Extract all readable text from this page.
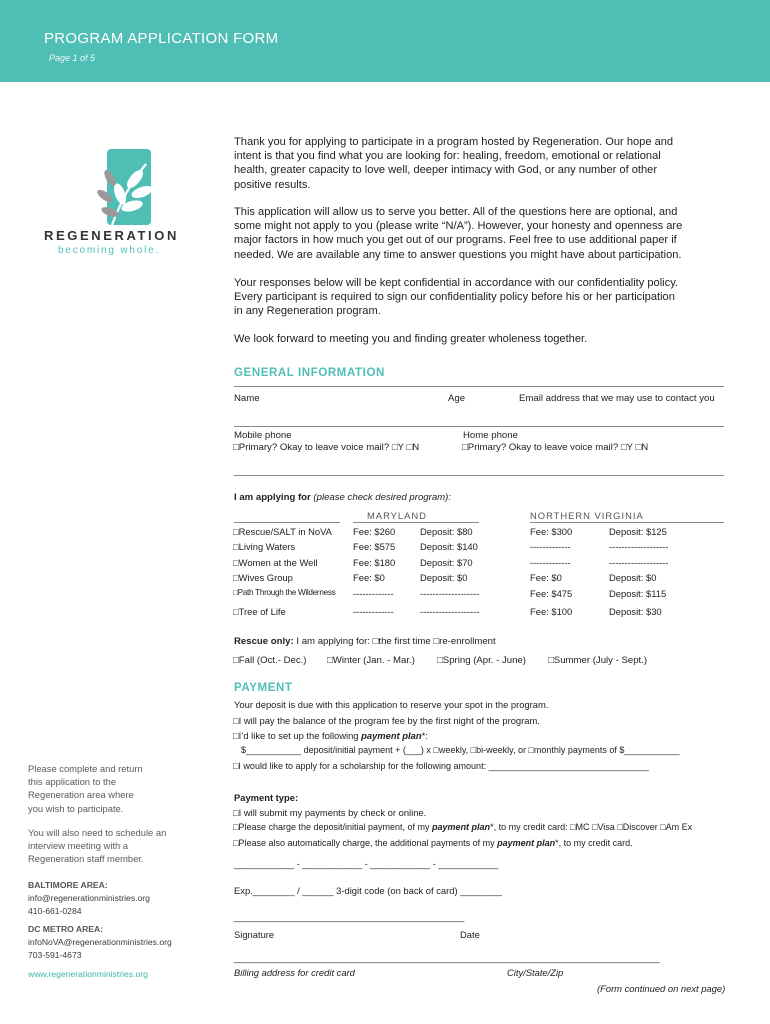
PROGRAM APPLICATION FORM
Page 1 of 5
REGENERATION
becoming whole.
Thank you for applying to participate in a program hosted by Regeneration. Our hope and
intent is that you find what you are looking for: healing, freedom, emotional or relational
health, greater capacity to love well, deeper intimacy with God, or any number of other
positive results.
This application will allow us to serve you better. All of the questions here are optional, and
some might not apply to you (please write “N/A”). However, your honesty and openness are
major factors in how much you get out of our programs. Feel free to use additional paper if
needed. We are available any time to answer questions you might have about participation.
Your responses below will be kept confidential in accordance with our confidentiality policy.
Every participant is required to sign our confidentiality policy before his or her participation
in any Regeneration program.
We look forward to meeting you and finding greater wholeness together.
GENERAL INFORMATION
Name	Age	Email address that we may use to contact you
Mobile phone
□Primary? Okay to leave voice mail? □Y □N
Home phone
□Primary? Okay to leave voice mail? □Y □N
I am applying for (please check desired program):
MARYLAND	NORTHERN VIRGINIA
□Rescue/SALT in NoVA Fee: $260	Deposit: $80	Fee: $300	Deposit: $125
□Living Waters	Fee: $575	Deposit: $140	-------------	-------------------
□Women at the Well	Fee: $180	Deposit: $70	-------------	-------------------
□Wives Group	Fee: $0	Deposit: $0	Fee: $0	Deposit: $0
□Path Through the Wilderness -------------	-------------------	Fee: $475	Deposit: $115
□Tree of Life	-------------	-------------------	Fee: $100	Deposit: $30
Rescue only: I am applying for: □the first time □re-enrollment
□Fall (Oct.- Dec.) □Winter (Jan. - Mar.) □Spring (Apr. - June) □Summer (July - Sept.)
PAYMENT
Your deposit is due with this application to reserve your spot in the program.
□I will pay the balance of the program fee by the first night of the program.
□I’d like to set up the following payment plan*:
$___________ deposit/initial payment + (___) x □weekly, □bi-weekly, or □monthly payments of $___________
□I would like to apply for a scholarship for the following amount: ________________________________
Payment type:
□I will submit my payments by check or online.
□Please charge the deposit/initial payment, of my payment plan*, to my credit card: □MC □Visa □Discover □Am Ex
□Please also automatically charge, the additional payments of my payment plan*, to my credit card.
____________ - ____________ - ____________ - ____________
Exp.________ / ______ 3-digit code (on back of card) ________
______________________________________________
Signature	Date
_____________________________________________________________________________________
Billing address for credit card	City/State/Zip
(Form continued on next page)
Please complete and return
this application to the
Regeneration area where
you wish to participate.
You will also need to schedule an
interview meeting with a
Regeneration staff member.
BALTIMORE AREA:
info@regenerationministries.org
410-661-0284
DC METRO AREA:
infoNoVA@regenerationministries.org
703-591-4673
www.regenerationministries.org
